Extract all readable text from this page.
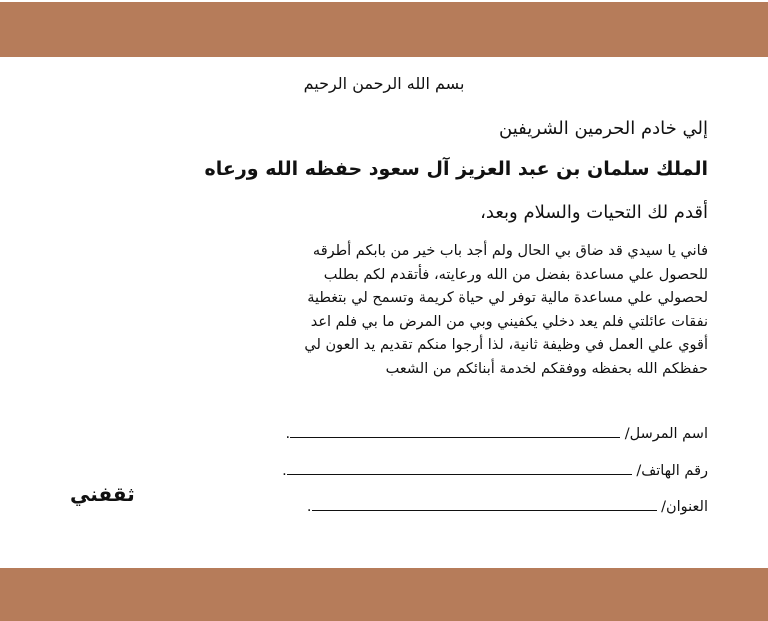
بسم الله الرحمن الرحيم
إلي خادم الحرمين الشريفين
الملك سلمان بن عبد العزيز آل سعود حفظه الله ورعاه
أقدم لك التحيات والسلام وبعد،
فاني يا سيدي قد ضاق بي الحال ولم أجد باب خير من بابكم أطرقه
للحصول علي مساعدة بفضل من الله ورعايته، فأتقدم لكم بطلب
لحصولي علي مساعدة مالية توفر لي حياة كريمة وتسمح لي بتغطية
نفقات عائلتي فلم يعد دخلي يكفيني وبي من المرض ما بي فلم اعد
أقوي علي العمل في وظيفة ثانية، لذا أرجوا منكم تقديم يد العون لي
حفظكم الله بحفظه ووفقكم لخدمة أبنائكم من الشعب
اسم المرسل/ .
رقم الهاتف/ .
العنوان/ .
ثقفني
